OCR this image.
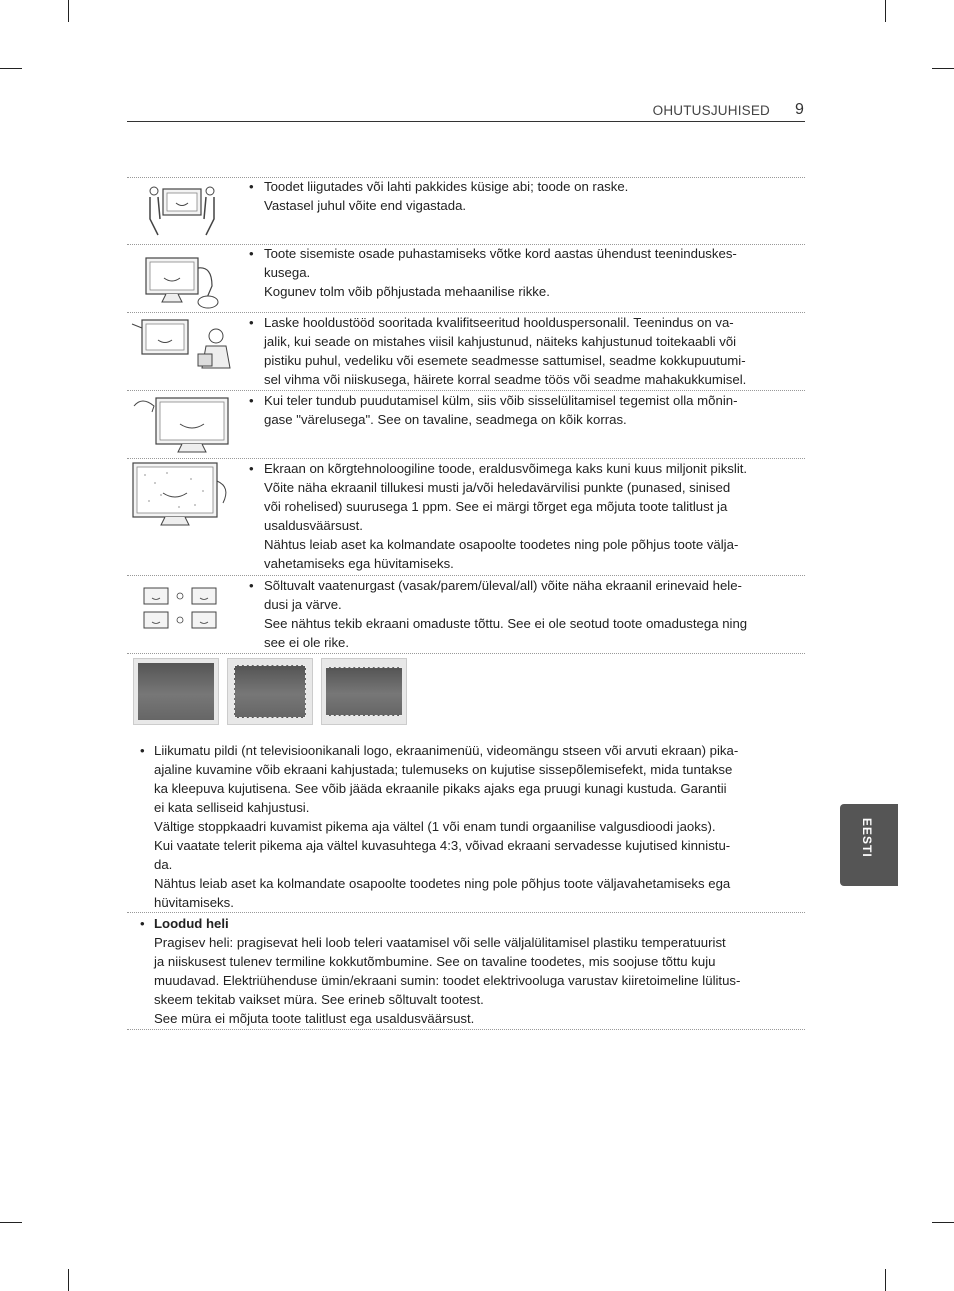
OHUTUSJUHISED 9
• Toodet liigutades või lahti pakkides küsige abi; toode on raske.

Vastasel juhul võite end vigastada.

• Toote sisemiste osade puhastamiseks võtke kord aastas ühendust teeninduskes-

kusega.

Kogunev tolm võib põhjustada mehaanilise rikke.

• Laske hooldustööd sooritada kvalifitseeritud hoolduspersonalil. Teenindus on va-

jalik, kui seade on mistahes viisil kahjustunud, näiteks kahjustunud toitekaabli või

pistiku puhul, vedeliku või esemete seadmesse sattumisel, seadme kokkupuutumi-

sel vihma või niiskusega, häirete korral seadme töös või seadme mahakukkumisel.

• Kui teler tundub puudutamisel külm, siis võib sisselülitamisel tegemist olla mõnin-

gase "värelusega". See on tavaline, seadmega on kõik korras.

• Ekraan on kõrgtehnoloogiline toode, eraldusvõimega kaks kuni kuus miljonit pikslit.

Võite näha ekraanil tillukesi musti ja/või heledavärvilisi punkte (punased, sinised

või rohelised) suurusega 1 ppm. See ei märgi tõrget ega mõjuta toote talitlust ja

usaldusväärsust.

Nähtus leiab aset ka kolmandate osapoolte toodetes ning pole põhjus toote välja-

vahetamiseks ega hüvitamiseks.

• Sõltuvalt vaatenurgast (vasak/parem/üleval/all) võite näha ekraanil erinevaid hele-

dusi ja värve.

See nähtus tekib ekraani omaduste tõttu. See ei ole seotud toote omadustega ning

see ei ole rike.

• Liikumatu pildi (nt televisioonikanali logo, ekraanimenüü, videomängu stseen või arvuti ekraan) pika-

ajaline kuvamine võib ekraani kahjustada; tulemuseks on kujutise sissepõlemisefekt, mida tuntakse

ka kleepuva kujutisena. See võib jääda ekraanile pikaks ajaks ega pruugi kunagi kustuda. Garantii

ei kata selliseid kahjustusi.

Vältige stoppkaadri kuvamist pikema aja vältel (1 või enam tundi orgaanilise valgusdioodi jaoks).

Kui vaatate telerit pikema aja vältel kuvasuhtega 4:3, võivad ekraani servadesse kujutised kinnistu-

da.

Nähtus leiab aset ka kolmandate osapoolte toodetes ning pole põhjus toote väljavahetamiseks ega

hüvitamiseks.

• Loodud heli

Pragisev heli: pragisevat heli loob teleri vaatamisel või selle väljalülitamisel plastiku temperatuurist

ja niiskusest tulenev termiline kokkutõmbumine. See on tavaline toodetes, mis soojuse tõttu kuju

muudavad. Elektriühenduse ümin/ekraani sumin: toodet elektrivooluga varustav kiiretoimeline lülitus-

skeem tekitab vaikset müra. See erineb sõltuvalt tootest.

See müra ei mõjuta toote talitlust ega usaldusväärsust.

EESTI
